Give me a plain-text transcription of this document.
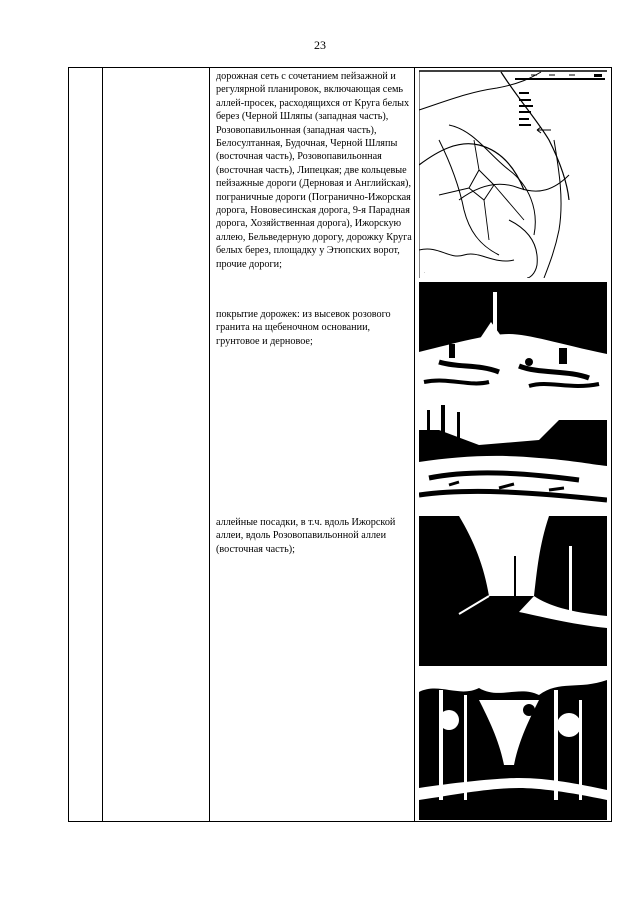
23

дорожная сеть с сочетанием пейзажной и регулярной планировок, включающая семь аллей-просек, расходящихся от Круга белых берез (Черной Шляпы (западная часть), Розовопавильонная (западная часть), Белосултанная, Будочная, Черной Шляпы (восточная часть), Розовопавильонная (восточная часть), Липецкая; две кольцевые пейзажные дороги (Дерновая и Английская), пограничные дороги (Погранично-Ижорская дорога, Нововесинская дорога, 9-я Парадная дорога, Хозяйственная дорога), Ижорскую аллею, Бельведерную дорогу, дорожку Круга белых берез, площадку у Этюпских ворот, прочие дороги;
покрытие дорожек: из высевок розового гранита на щебеночном основании, грунтовое и дерновое;
аллейные посадки, в т.ч. вдоль Ижорской аллеи, вдоль Розовопавильонной аллеи (восточная часть);

·
